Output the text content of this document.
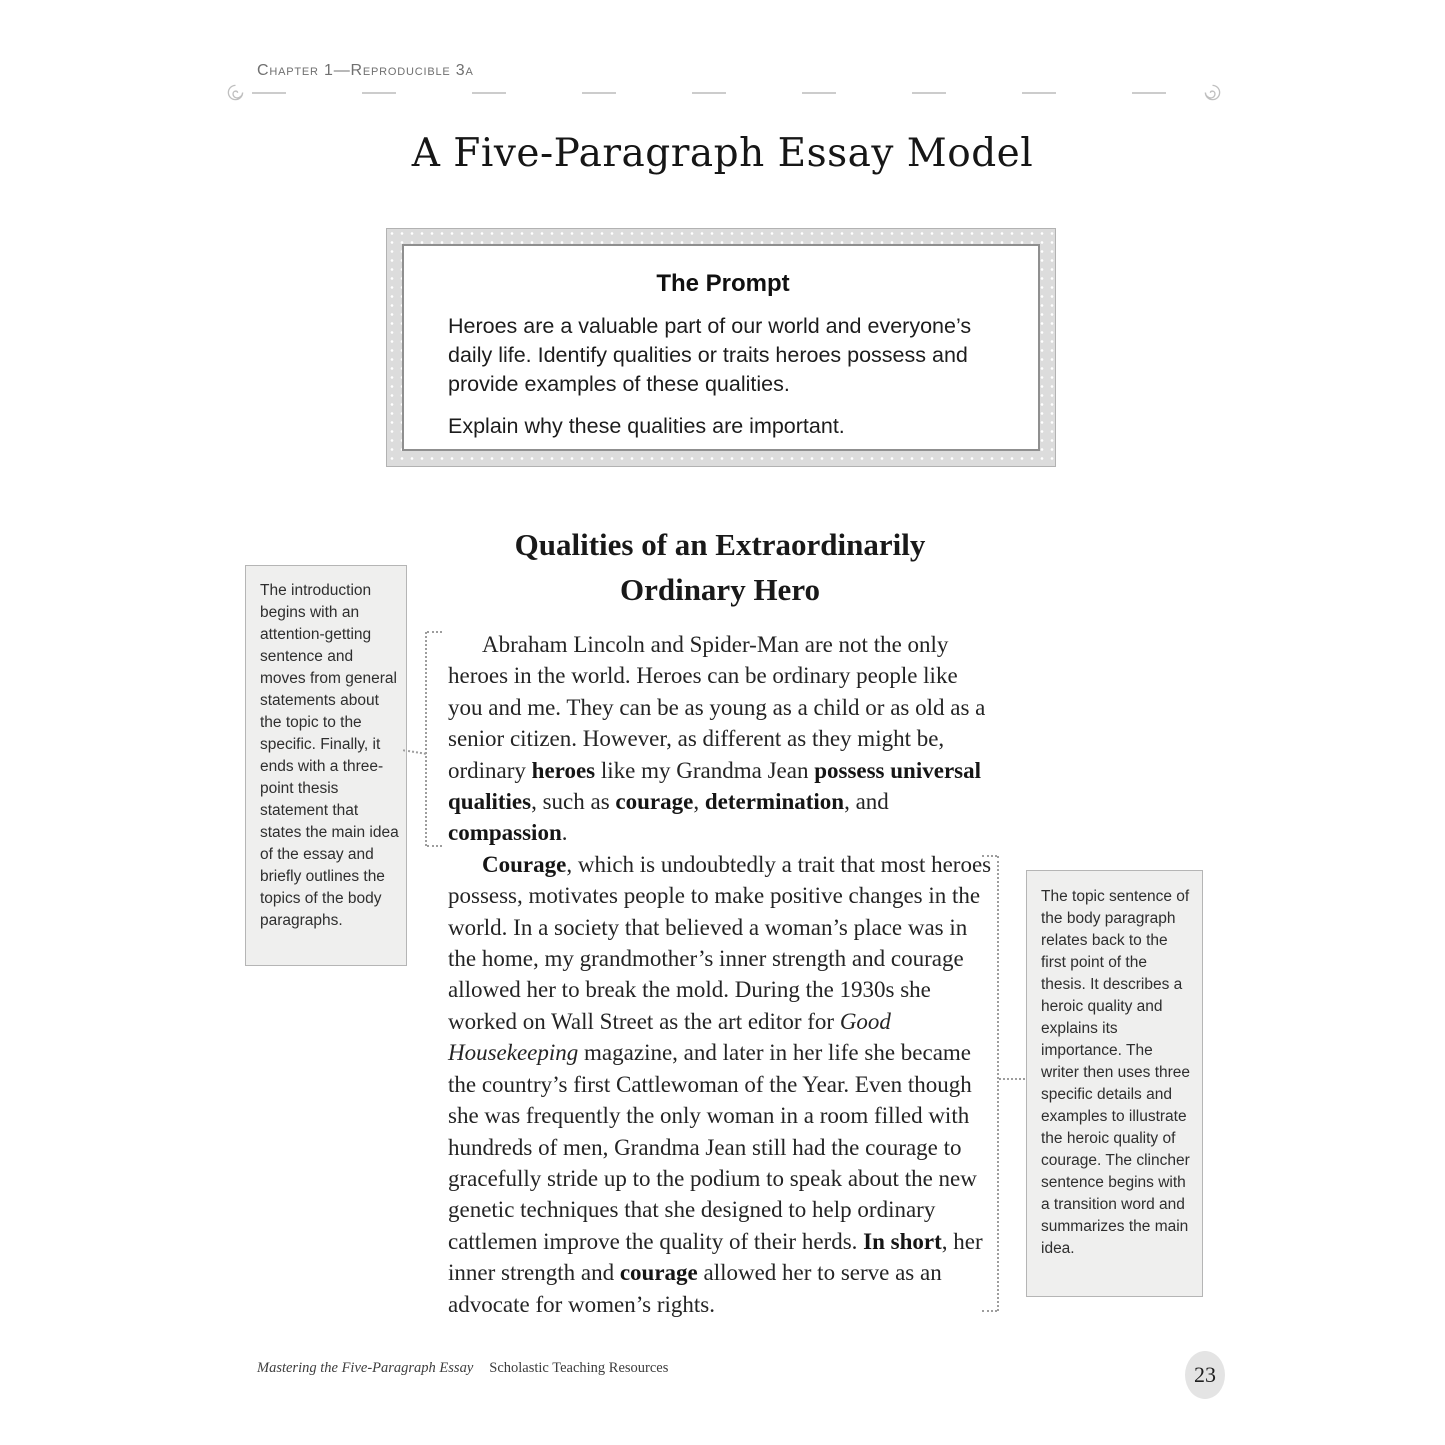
Chapter 1—Reproducible 3a
A Five-Paragraph Essay Model
The Prompt

Heroes are a valuable part of our world and everyone’s daily life. Identify qualities or traits heroes possess and provide examples of these qualities.

Explain why these qualities are important.

Qualities of an Extraordinarily
Ordinary Hero

Abraham Lincoln and Spider-Man are not the only heroes in the world. Heroes can be ordinary people like you and me. They can be as young as a child or as old as a senior citizen. However, as different as they might be, ordinary heroes like my Grandma Jean possess universal qualities, such as courage, determination, and compassion.

Courage, which is undoubtedly a trait that most heroes possess, motivates people to make positive changes in the world. In a society that believed a woman’s place was in the home, my grandmother’s inner strength and courage allowed her to break the mold. During the 1930s she worked on Wall Street as the art editor for Good Housekeeping magazine, and later in her life she became the country’s first Cattlewoman of the Year. Even though she was frequently the only woman in a room filled with hundreds of men, Grandma Jean still had the courage to gracefully stride up to the podium to speak about the new genetic techniques that she designed to help ordinary cattlemen improve the quality of their herds. In short, her inner strength and courage allowed her to serve as an advocate for women’s rights.

The introduction begins with an attention-getting sentence and moves from general statements about the topic to the specific. Finally, it ends with a three-point thesis statement that states the main idea of the essay and briefly outlines the topics of the body paragraphs.

The topic sentence of the body paragraph relates back to the first point of the thesis. It describes a heroic quality and explains its importance. The writer then uses three specific details and examples to illustrate the heroic quality of courage. The clincher sentence begins with a transition word and summarizes the main idea.

Mastering the Five-Paragraph Essay Scholastic Teaching Resources	23
